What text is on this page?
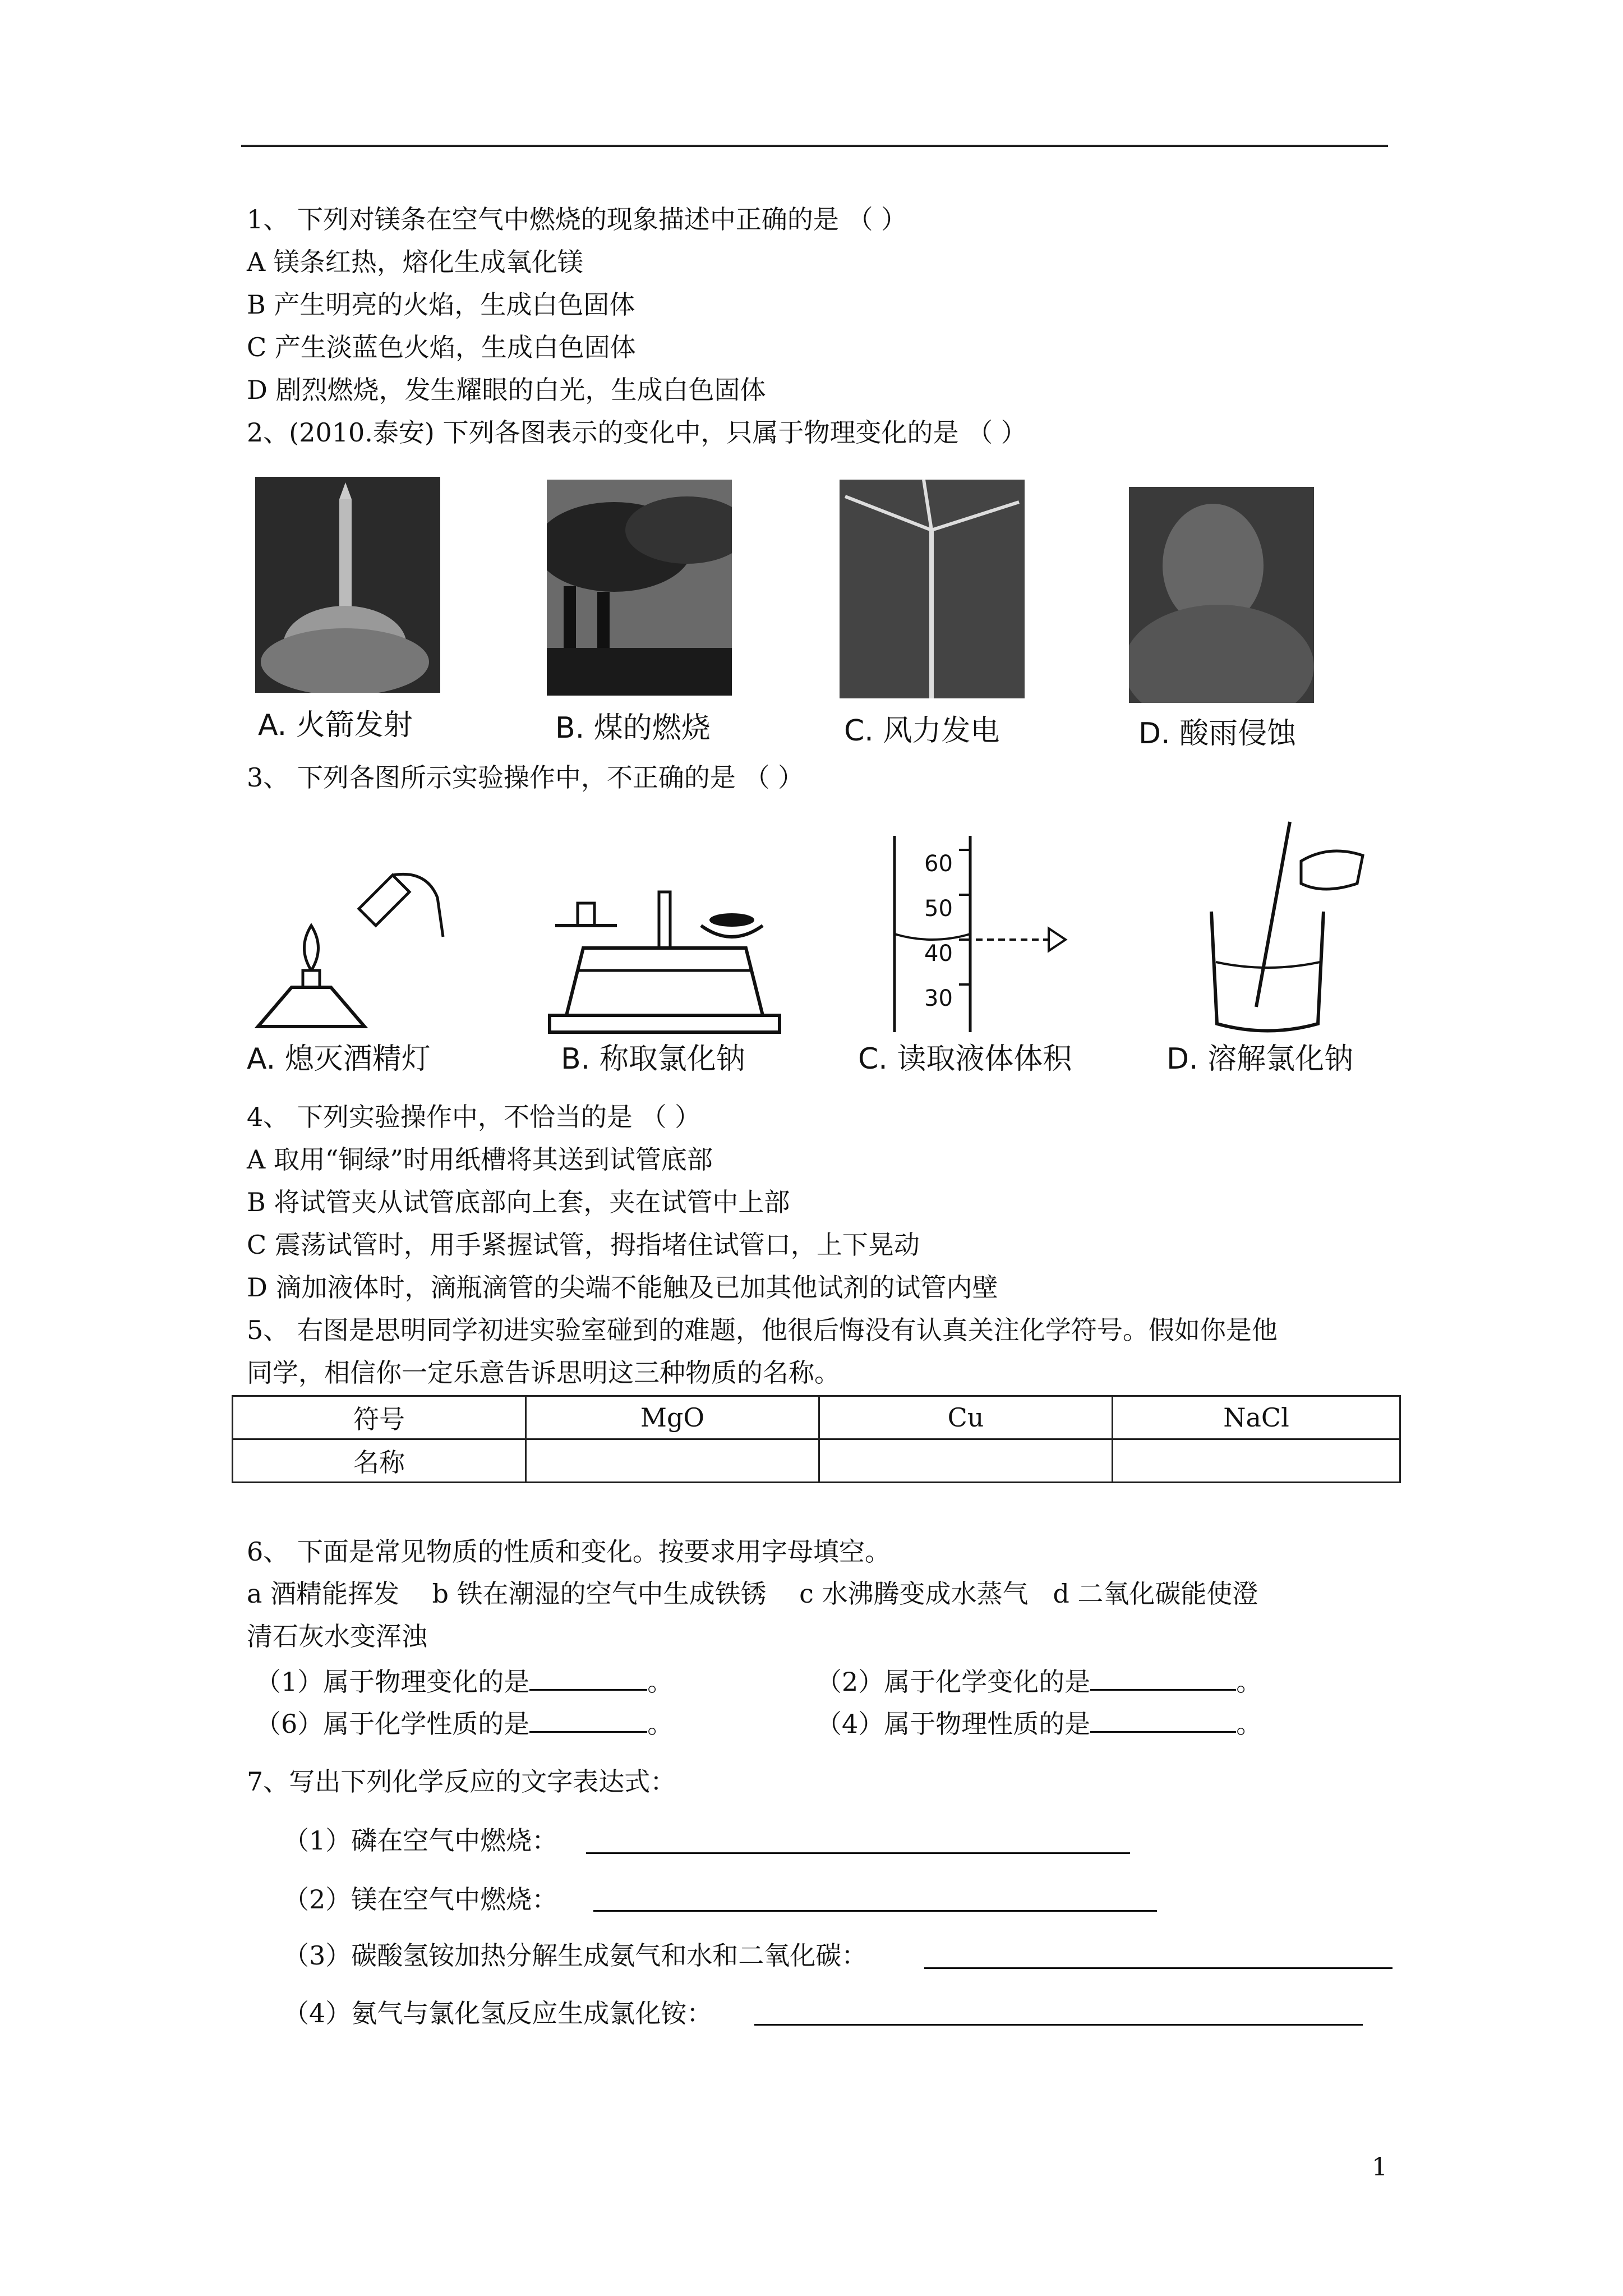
1、 下列对镁条在空气中燃烧的现象描述中正确的是 （ ）
A 镁条红热，熔化生成氧化镁
B 产生明亮的火焰，生成白色固体
C 产生淡蓝色火焰，生成白色固体
D 剧烈燃烧，发生耀眼的白光，生成白色固体
2、(2010.泰安) 下列各图表示的变化中，只属于物理变化的是 （ ）
A. 火箭发射	B. 煤的燃烧	C. 风力发电	D. 酸雨侵蚀
3、 下列各图所示实验操作中，不正确的是 （ ）
60
50
40
30
A. 熄灭酒精灯	B. 称取氯化钠	C. 读取液体体积	D. 溶解氯化钠
4、 下列实验操作中，不恰当的是 （ ）
A 取用“铜绿”时用纸槽将其送到试管底部
B 将试管夹从试管底部向上套，夹在试管中上部
C 震荡试管时，用手紧握试管，拇指堵住试管口，上下晃动
D 滴加液体时，滴瓶滴管的尖端不能触及已加其他试剂的试管内壁
5、 右图是思明同学初进实验室碰到的难题，他很后悔没有认真关注化学符号。假如你是他
同学，相信你一定乐意告诉思明这三种物质的名称。
符号	MgO	Cu	NaCl
名称			
6、 下面是常见物质的性质和变化。按要求用字母填空。
a 酒精能挥发    b 铁在潮湿的空气中生成铁锈    c 水沸腾变成水蒸气   d 二氧化碳能使澄
清石灰水变浑浊
（1）属于物理变化的是	。	（2）属于化学变化的是	。
（6）属于化学性质的是	。	（4）属于物理性质的是	。
7、写出下列化学反应的文字表达式：
（1）磷在空气中燃烧：
（2）镁在空气中燃烧：
（3）碳酸氢铵加热分解生成氨气和水和二氧化碳：
（4）氨气与氯化氢反应生成氯化铵：
1
